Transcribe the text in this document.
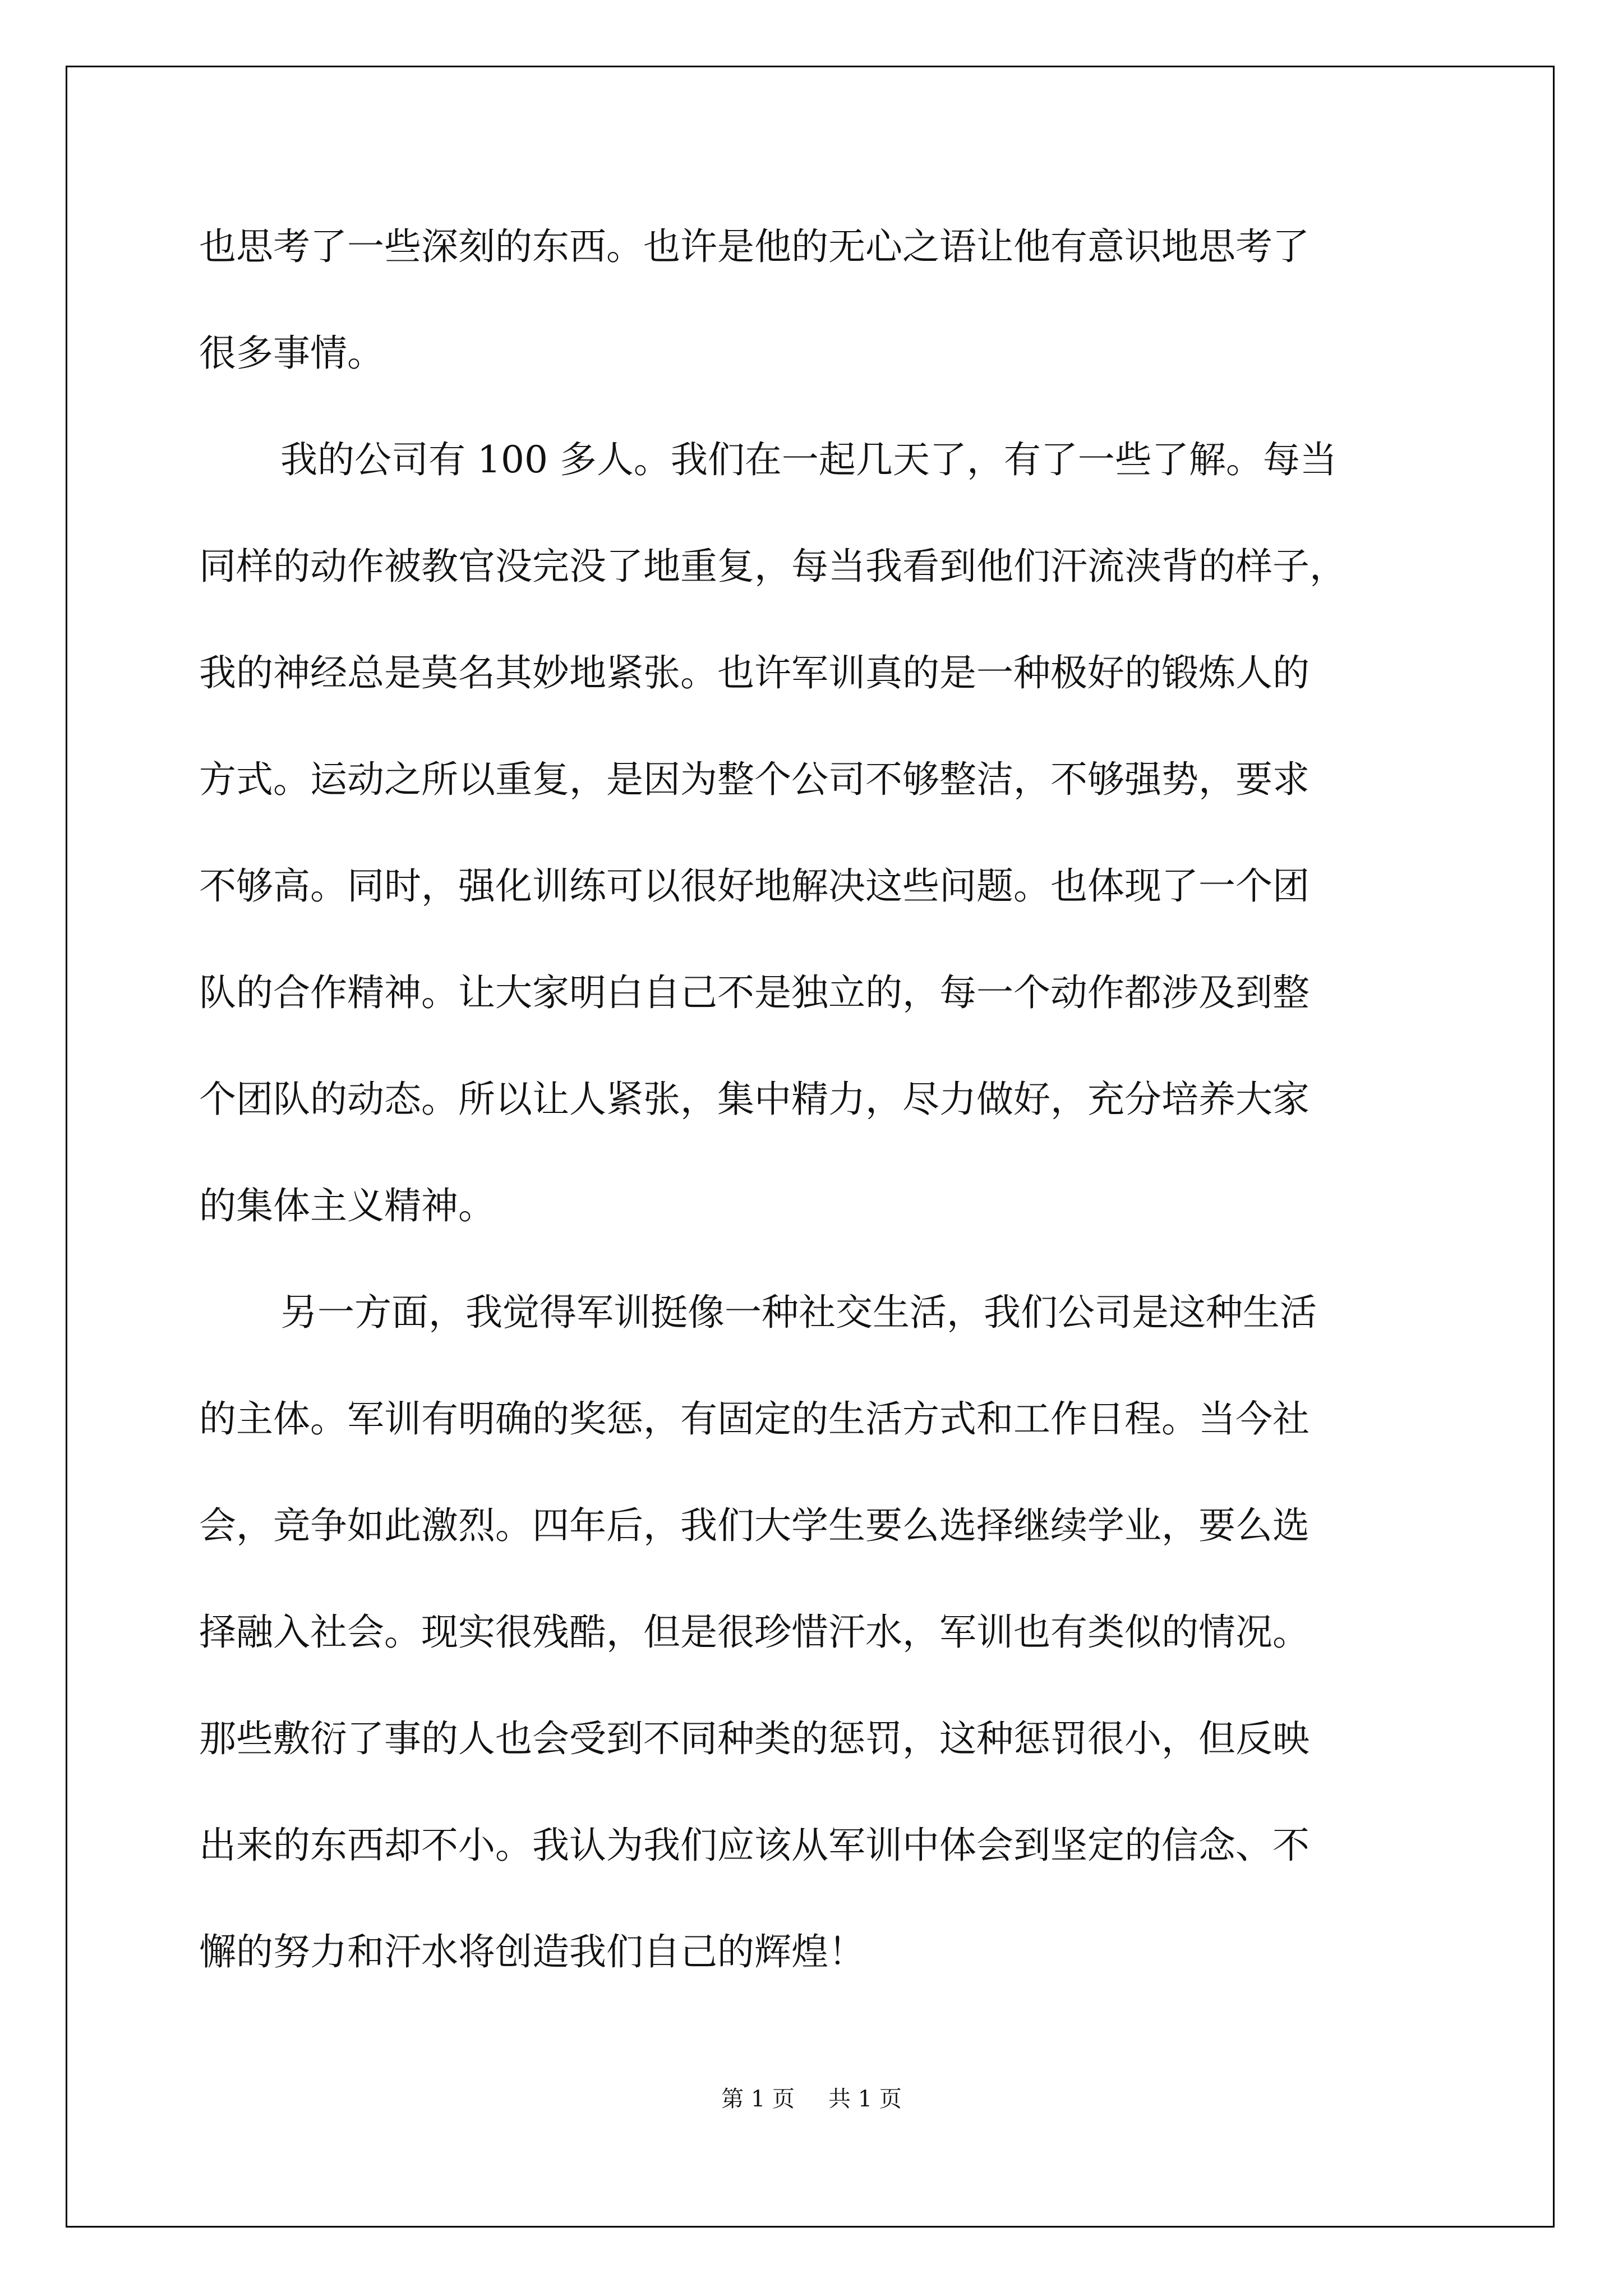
也思考了一些深刻的东西。也许是他的无心之语让他有意识地思考了
很多事情。
我的公司有 100 多人。我们在一起几天了，有了一些了解。每当
同样的动作被教官没完没了地重复，每当我看到他们汗流浃背的样子，
我的神经总是莫名其妙地紧张。也许军训真的是一种极好的锻炼人的
方式。运动之所以重复，是因为整个公司不够整洁，不够强势，要求
不够高。同时，强化训练可以很好地解决这些问题。也体现了一个团
队的合作精神。让大家明白自己不是独立的，每一个动作都涉及到整
个团队的动态。所以让人紧张，集中精力，尽力做好，充分培养大家
的集体主义精神。
另一方面，我觉得军训挺像一种社交生活，我们公司是这种生活
的主体。军训有明确的奖惩，有固定的生活方式和工作日程。当今社
会，竞争如此激烈。四年后，我们大学生要么选择继续学业，要么选
择融入社会。现实很残酷，但是很珍惜汗水，军训也有类似的情况。
那些敷衍了事的人也会受到不同种类的惩罚，这种惩罚很小，但反映
出来的东西却不小。我认为我们应该从军训中体会到坚定的信念、不
懈的努力和汗水将创造我们自己的辉煌！
第 1 页 共 1 页
